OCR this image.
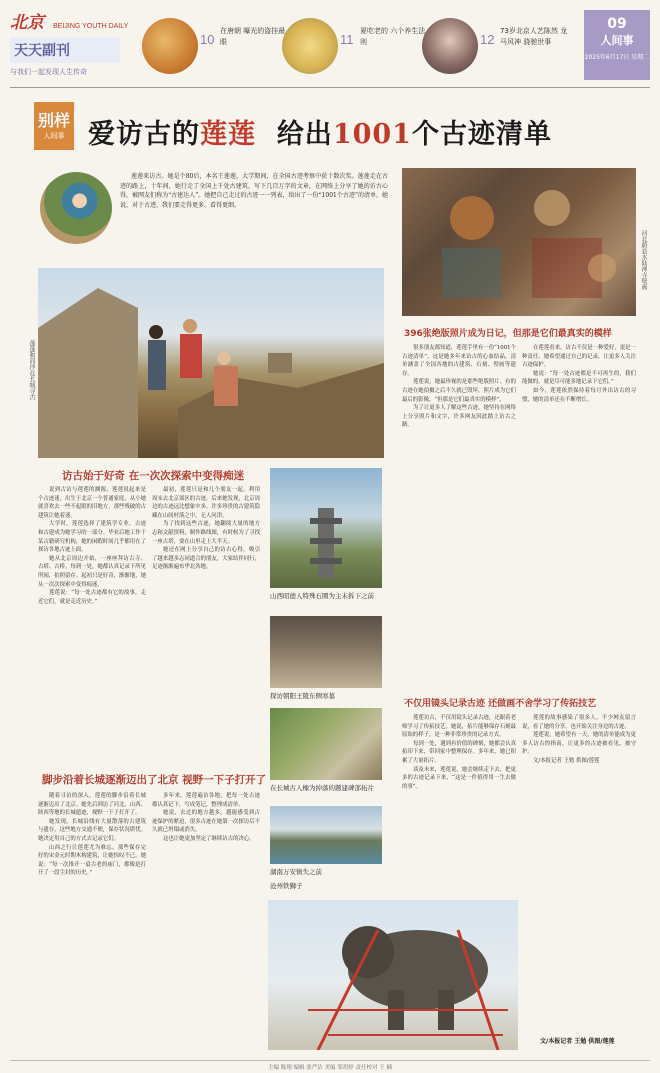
北京 BEIJING YOUTH DAILY
天天副刊
与我们一起发现人生传奇
10
在唐朝 曝光的盗挂最眼	11
夏吃老的 六个养生法则	12
73岁北京人艺陈然 龙马风神 骁驰世事
09
人间事
2025年6月17日 星期二
别样
人间事 爱访古的莲莲 给出1001个古迹清单

莲莲来访古。她是个80后，本名王莲莲，大学期间，在全国古迹考察中获十数次奖。莲莲走在古迹的路上，十年间，她行走了全国上千处古建筑，写下几百万字的文章，在网络上分享了她的访古心得，被网友们称为“古建达人”。她把自己走过的古迹一一列表，给出了一份“1001个古迹”的清单，她说，对于古迹，我们要走得更多，看得更细。

河北蔚县水陆禅寺壁画
莲莲和同伴在长城寻古
访古始于好奇 在一次次探索中变得痴迷

说到古访与莲莲的渊源，莲莲说起来是个古迹迷，出生于北京一个普通家庭，从小她就喜欢去一些不起眼的旧地方，那些残破的古建筑让她着迷。

大学时，莲莲选择了建筑学专业，古迹和古建成为她学习的一部分。毕业后她工作于某古籍研究机构，她的闲暇时间几乎都用在了探访各地古迹上面。

她从北京周边开始，一座座拜访古寺、古塔、古桥。每到一处，她都认真记录下所见所闻，拍照留存。起初只是好奇，渐渐地，她从一次次探索中变得痴迷。

莲莲说：“每一处古迹都有它的故事，走近它们，就是走近历史。”

最初，莲莲只是和几个朋友一起，利用周末去北京郊区的古迹。后来她发现，北京周边的古迹远比想象中多，许多珍贵的古建筑隐藏在山间村落之中，无人问津。

为了找到这些古迹，她翻阅大量的地方志和文献资料，制作路线图，有时候为了寻找一座古塔，要在山里走上大半天。

她还在网上分享自己的访古心得，吸引了越来越多志同道合的朋友，大家结伴同行，足迹渐渐遍布华北各地。

山西昭德人特殊石圈为主未拆下之前
探访朝阳王陵东侧寒墓
在长城古人橡为掉落的题建碑部拓片
湖南万安镇失之前
沧州铁狮子
脚步沿着长城逐渐迈出了北京 视野一下子打开了

随着寻访的深入，莲莲的脚步沿着长城逐渐迈出了北京。她先后到访了河北、山西、陕西等地的长城遗迹，视野一下子打开了。

她发现，长城沿线有大量散落的古建筑与遗存，这些地方交通不便，保存状况堪忧。她决定用自己的方式去记录它们。

山西之行让莲莲尤为难忘。那些保存完好的宋金元时期木构建筑，让她惊叹不已。她说：“每一次推开一扇古老的庙门，都像是打开了一段尘封的历史。”

多年来，莲莲遍访各地，把每一处古迹都认真记下，写成笔记，整理成清单。

她说，去过的地方越多，越能感受到古迹保护的紧迫，很多古迹在她第一次探访后不久就已坍塌或消失。

这也让她更加坚定了继续访古的决心。

396张绝版照片成为日记，但那是它们最真实的模样

很多朋友都知道，莲莲手里有一份“1001个古迹清单”，这是她多年来访古的心血结晶。清单涵盖了全国各地的古建筑、石刻、壁画等遗存。

莲莲说，她最珍视的是那些绝版照片。有的古迹在她拍摄之后不久就已毁坏，照片成为它们最后的影像，“但那是它们最真实的模样”。

为了让更多人了解这些古迹，她坚持在网络上分享照片和文字，许多网友因此踏上访古之路。

在莲莲看来，访古不仅是一种爱好，更是一种责任。她希望通过自己的记录，让更多人关注古迹保护。

她说：“每一处古迹都是不可再生的，我们能做的，就是尽可能多地记录下它们。”

如今，莲莲依然保持着每月外出访古的习惯，她的清单还在不断增长。

不仅用镜头记录古迹 还做画不舍学习了传拓技艺

莲莲访古，不仅用镜头记录古迹，还跟着老师学习了传拓技艺。她说，拓片能够保存石刻最原始的样子，是一种非常珍贵的记录方式。

每到一处，遇到有价值的碑刻，她都会认真拓印下来，带回家中整理保存。多年来，她已积累了大量拓片。

谈及未来，莲莲说，她会继续走下去，把更多的古迹记录下来，“这是一件值得用一生去做的事”。

莲莲的故事感染了很多人，不少网友留言说，看了她的分享，也开始关注身边的古迹。

莲莲说，她希望有一天，她的清单能成为更多人访古的指南，让更多的古迹被看见、被守护。

文/本报记者 王勉 供图/莲莲

文/本报记者 王勉 供图/莲莲
主编 陈翔 编辑 张严洁 美编 邹玥婷 责任校对 王 楠
